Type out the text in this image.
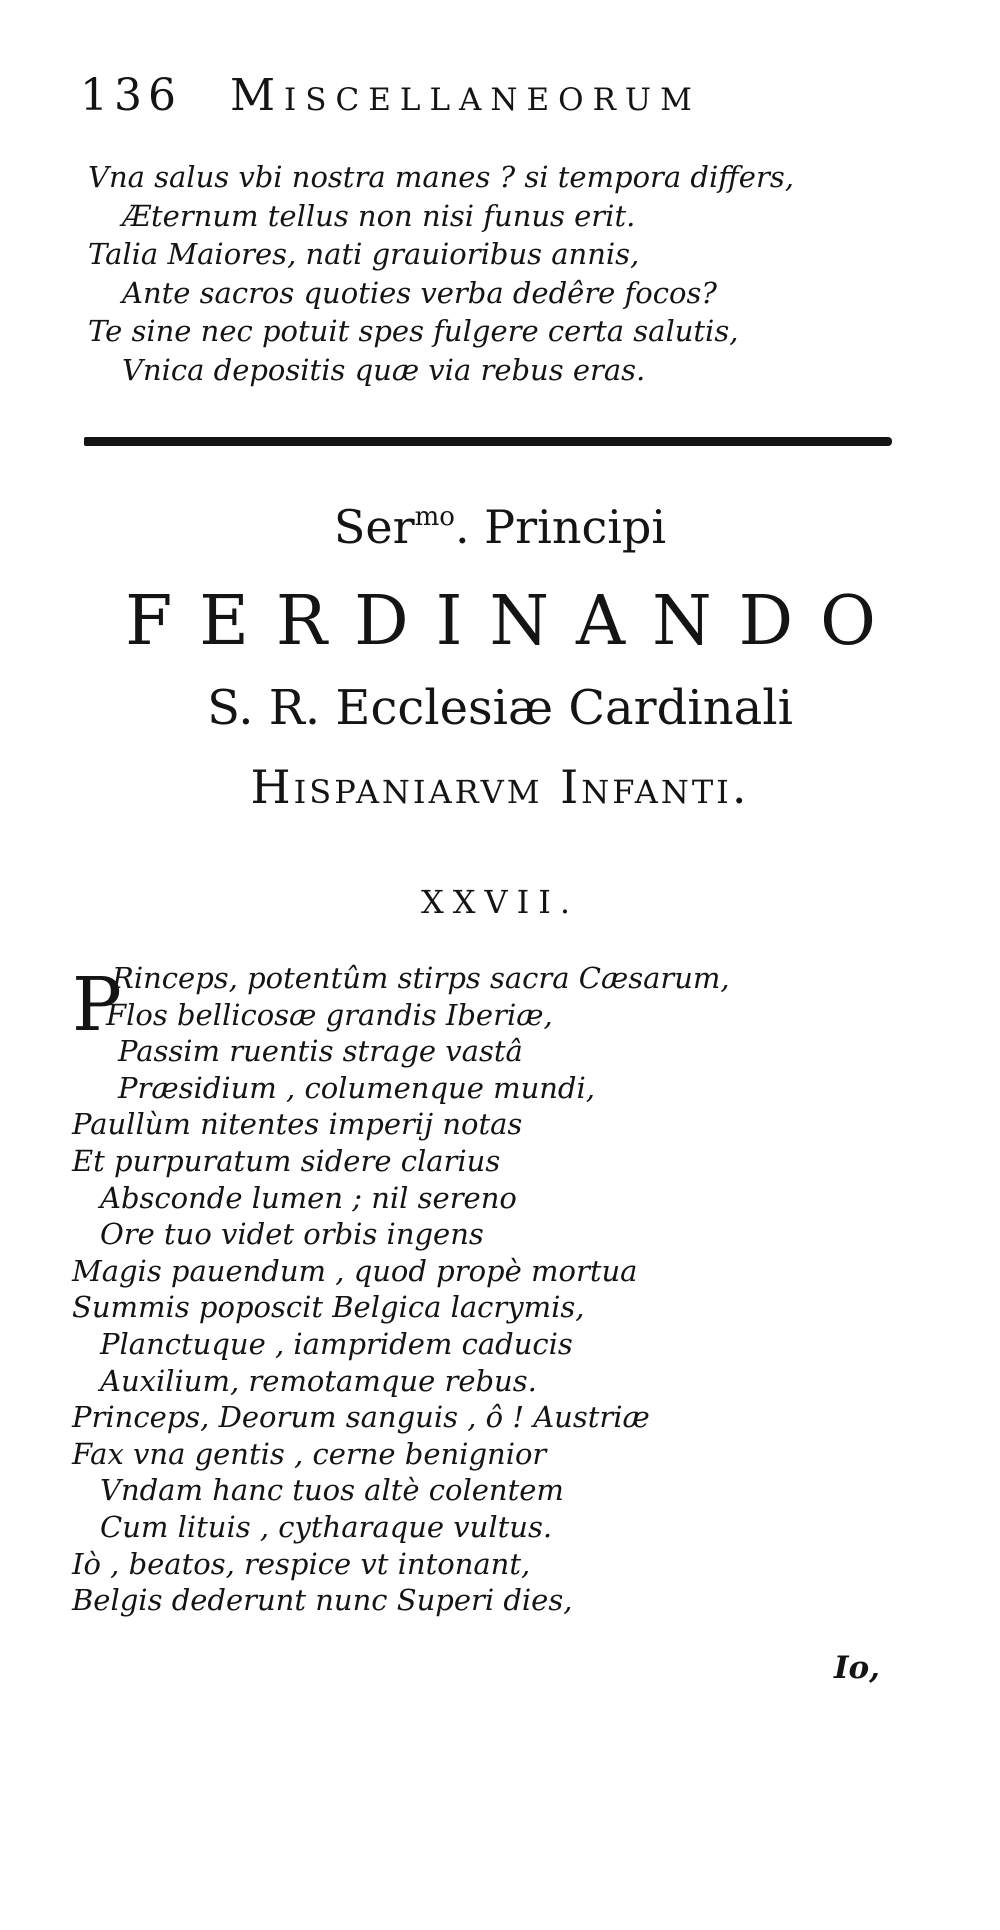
136 Miscellaneorum
Vna salus vbi nostra manes ? si tempora differs,
Æternum tellus non nisi funus erit.
Talia Maiores, nati grauioribus annis,
Ante sacros quoties verba dedêre focos?
Te sine nec potuit spes fulgere certa salutis,
Vnica depositis quæ via rebus eras.
Ser$^{mo}$. Principi
FERDINANDO
S. R. Ecclesiæ Cardinali
Hispaniarvm Infanti.
XXVII.
P
Rinceps, potentûm stirps sacra Cæsarum,
Flos bellicosæ grandis Iberiæ,
Passim ruentis strage vastâ
Præsidium , columenque mundi,
Paullùm nitentes imperij notas
Et purpuratum sidere clarius
Abscondе lumen ; nil sereno
Ore tuo videt orbis ingens
Magis pauendum , quod propè mortua
Summis poposcit Belgica lacrymis,
Planctuque , iampridem caducis
Auxilium, remotamque rebus.
Princeps, Deorum sanguis , ô ! Austriæ
Fax vna gentis , cerne benignior
Vndam hanc tuos altè colentem
Cum lituis , cytharaque vultus.
Iò , beatos, respice vt intonant,
Belgis dederunt nunc Superi dies,
Io,
